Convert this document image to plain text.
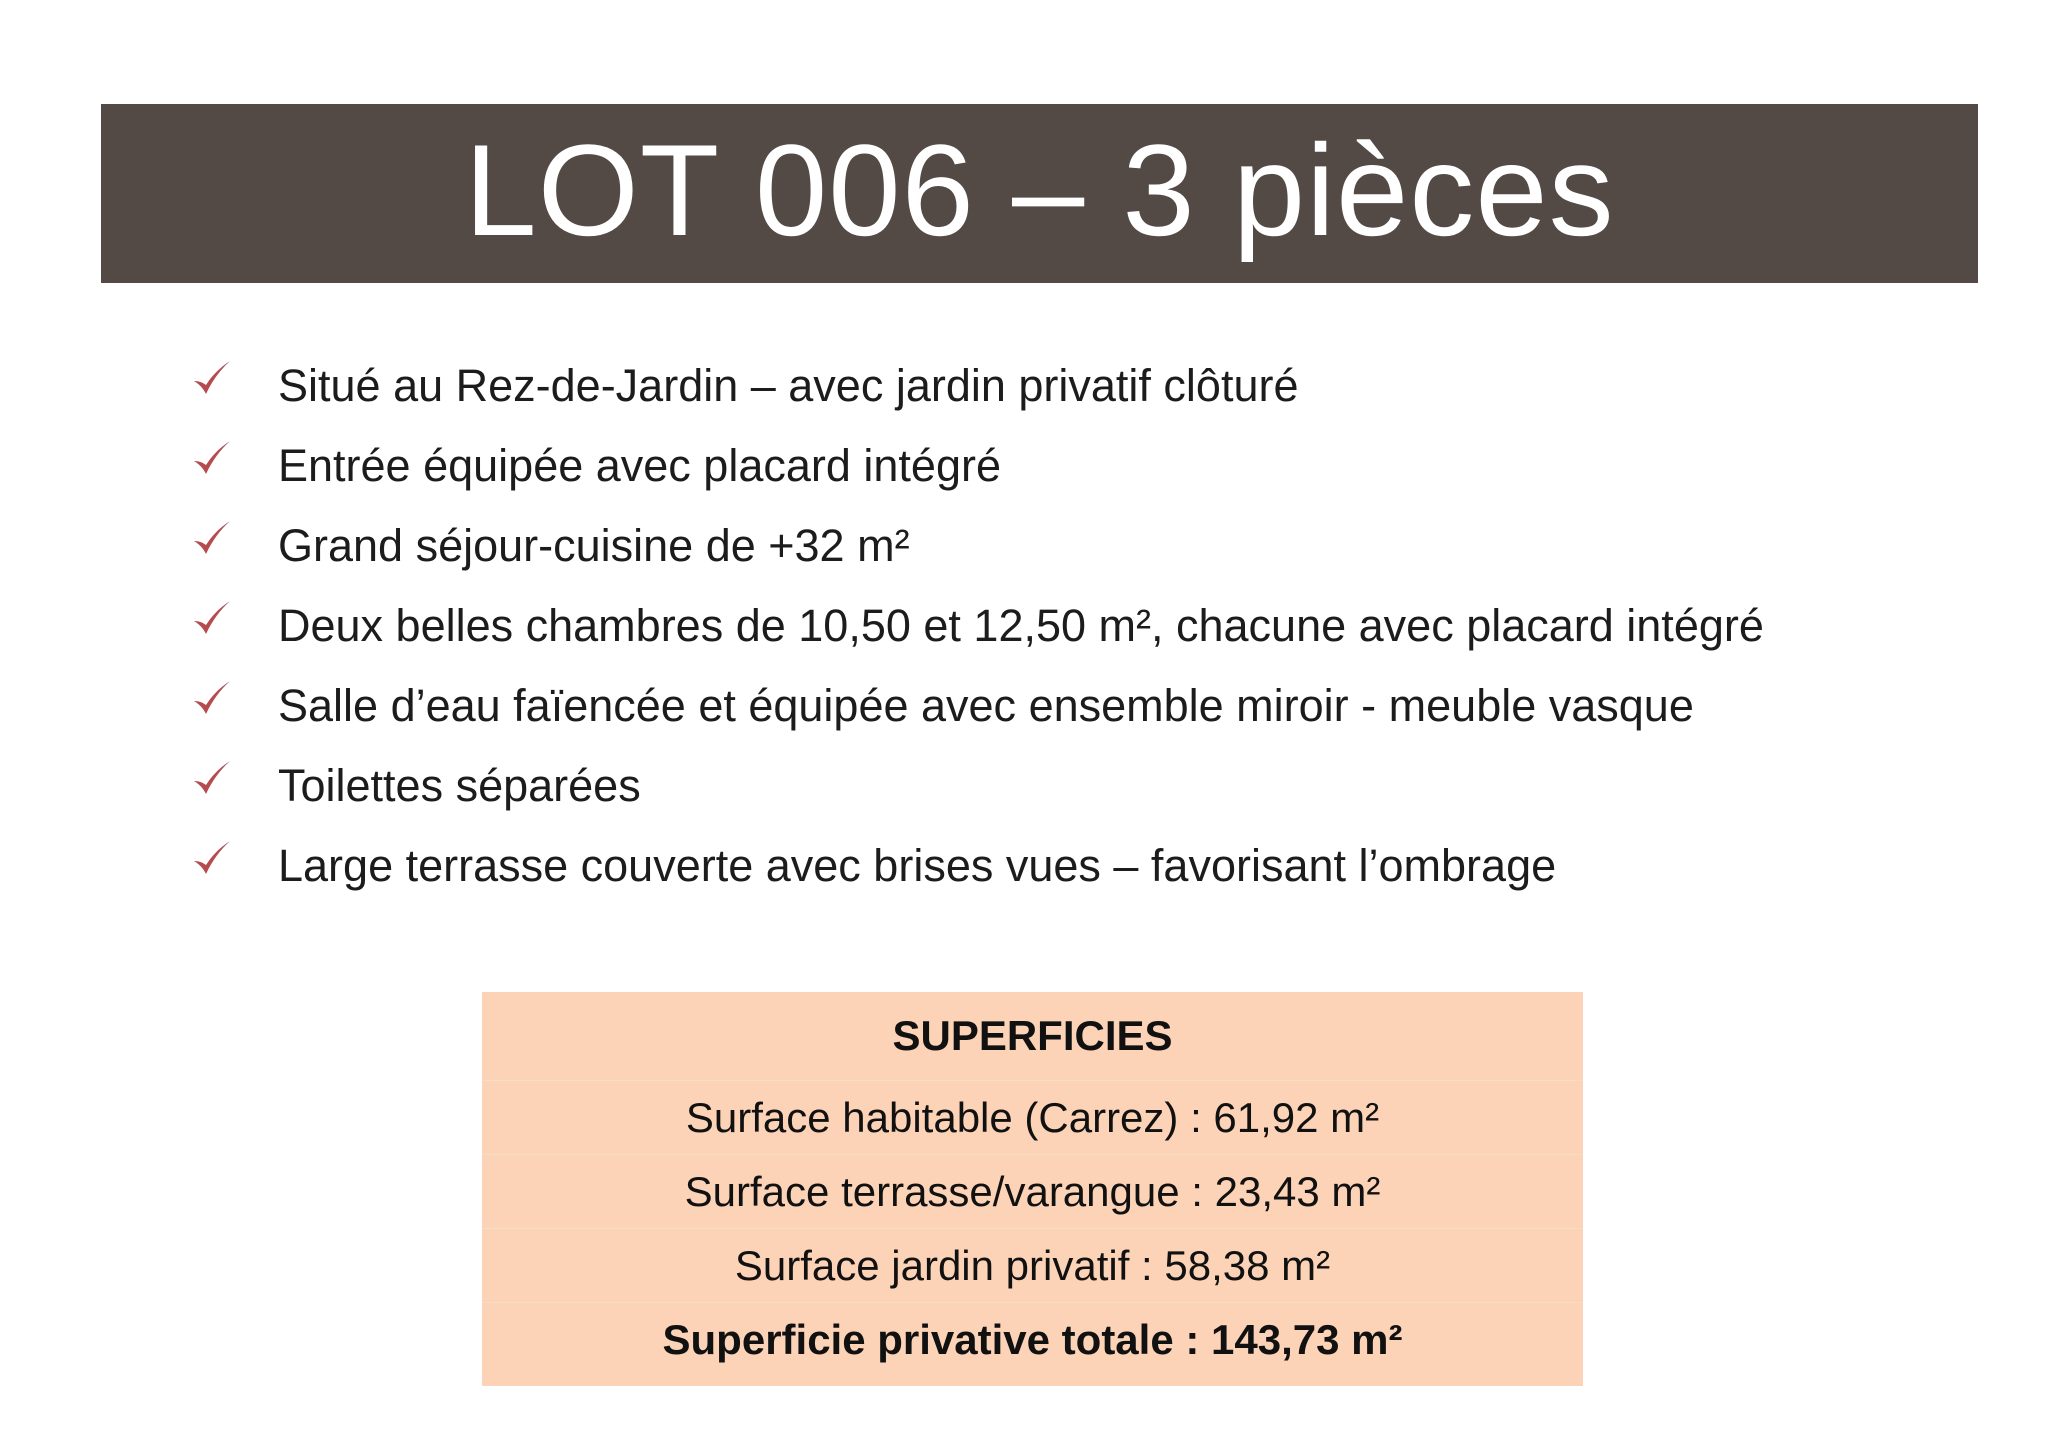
LOT 006 – 3 pièces
Situé au Rez-de-Jardin – avec jardin privatif clôturé
Entrée équipée avec placard intégré
Grand séjour-cuisine de +32 m²
Deux belles chambres de 10,50 et 12,50 m², chacune avec placard intégré
Salle d’eau faïencée et équipée avec ensemble miroir - meuble vasque
Toilettes séparées
Large terrasse couverte avec brises vues – favorisant l’ombrage
SUPERFICIES
Surface habitable (Carrez) : 61,92 m²
Surface terrasse/varangue : 23,43 m²
Surface jardin privatif : 58,38 m²
Superficie privative totale : 143,73 m²
